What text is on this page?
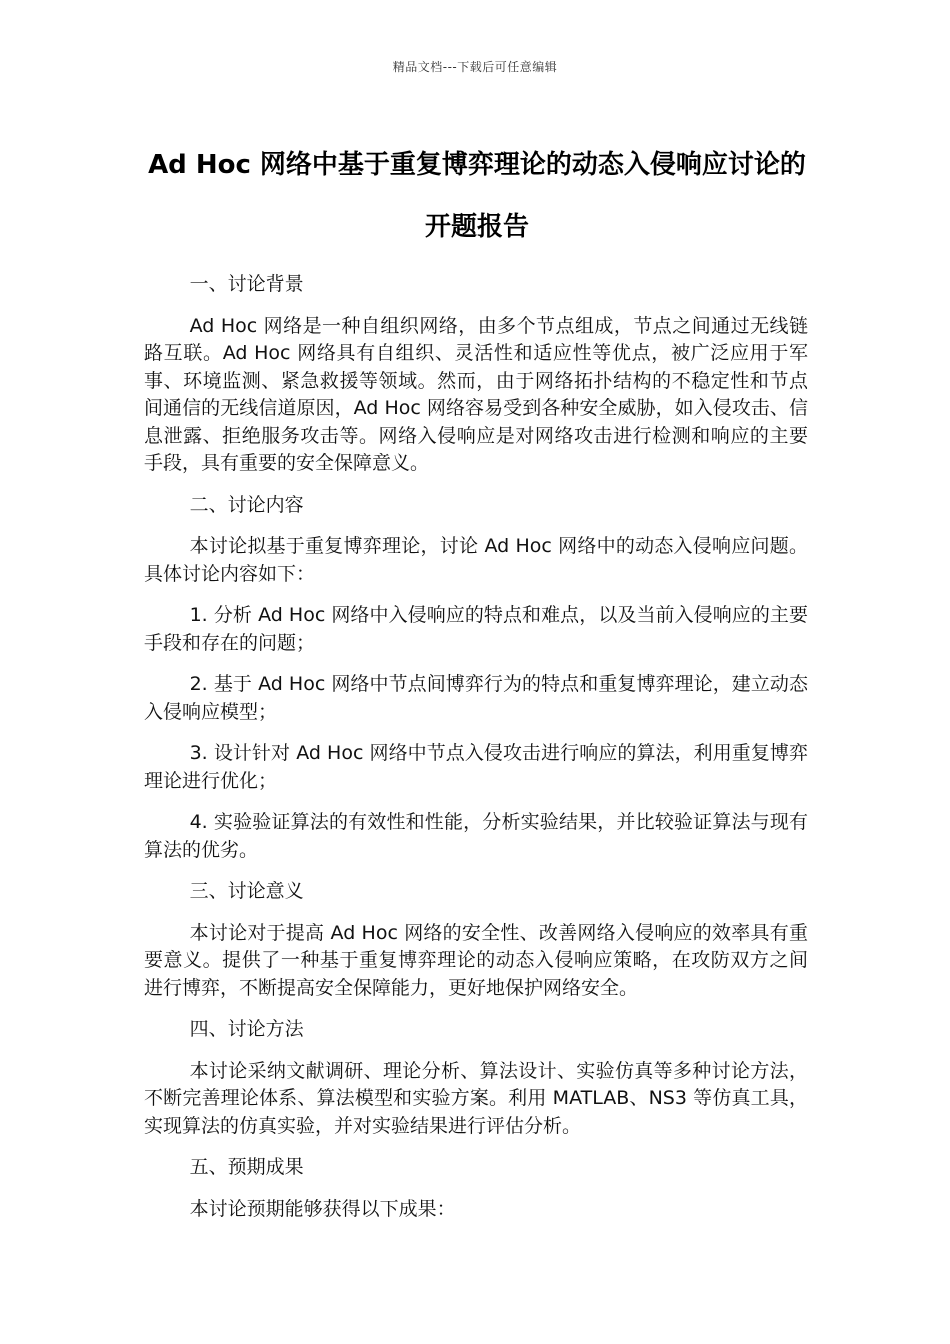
精品文档---下载后可任意编辑
Ad Hoc 网络中基于重复博弈理论的动态入侵响应讨论的开题报告

一、讨论背景

Ad Hoc 网络是一种自组织网络，由多个节点组成，节点之间通过无线链路互联。Ad Hoc 网络具有自组织、灵活性和适应性等优点，被广泛应用于军事、环境监测、紧急救援等领域。然而，由于网络拓扑结构的不稳定性和节点间通信的无线信道原因，Ad Hoc 网络容易受到各种安全威胁，如入侵攻击、信息泄露、拒绝服务攻击等。网络入侵响应是对网络攻击进行检测和响应的主要手段，具有重要的安全保障意义。

二、讨论内容

本讨论拟基于重复博弈理论，讨论 Ad Hoc 网络中的动态入侵响应问题。具体讨论内容如下：

1. 分析 Ad Hoc 网络中入侵响应的特点和难点，以及当前入侵响应的主要手段和存在的问题；

2. 基于 Ad Hoc 网络中节点间博弈行为的特点和重复博弈理论，建立动态入侵响应模型；

3. 设计针对 Ad Hoc 网络中节点入侵攻击进行响应的算法，利用重复博弈理论进行优化；

4. 实验验证算法的有效性和性能，分析实验结果，并比较验证算法与现有算法的优劣。

三、讨论意义

本讨论对于提高 Ad Hoc 网络的安全性、改善网络入侵响应的效率具有重要意义。提供了一种基于重复博弈理论的动态入侵响应策略，在攻防双方之间进行博弈，不断提高安全保障能力，更好地保护网络安全。

四、讨论方法

本讨论采纳文献调研、理论分析、算法设计、实验仿真等多种讨论方法，不断完善理论体系、算法模型和实验方案。利用 MATLAB、NS3 等仿真工具，实现算法的仿真实验，并对实验结果进行评估分析。

五、预期成果

本讨论预期能够获得以下成果：
